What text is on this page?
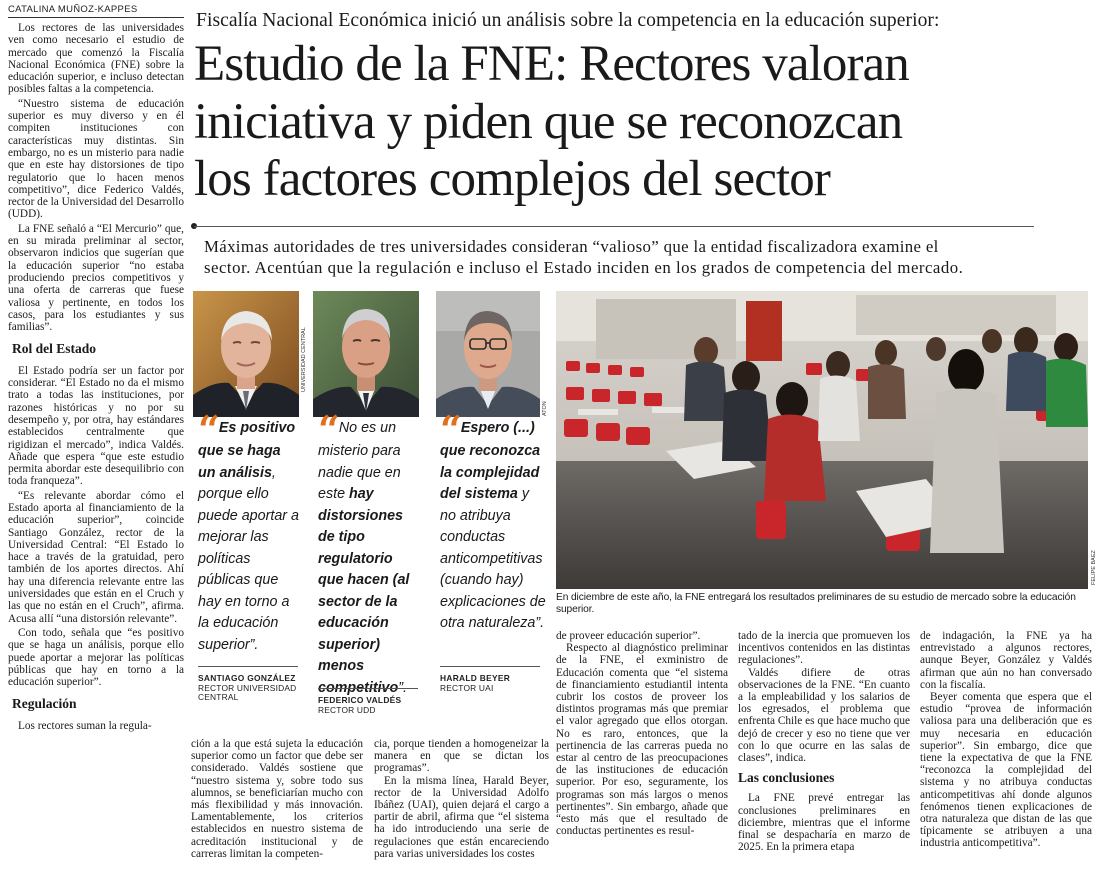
CATALINA MUÑOZ-KAPPES

Los rectores de las universidades ven como necesario el estudio de mercado que comenzó la Fiscalía Nacional Económica (FNE) sobre la educación superior, e incluso detectan posibles faltas a la competencia.

“Nuestro sistema de educación superior es muy diverso y en él compiten instituciones con características muy distintas. Sin embargo, no es un misterio para nadie que en este hay distorsiones de tipo regulatorio que lo hacen menos competitivo”, dice Federico Valdés, rector de la Universidad del Desarrollo (UDD).

La FNE señaló a “El Mercurio” que, en su mirada preliminar al sector, observaron indicios que sugerían que la educación superior “no estaba produciendo precios competitivos y una oferta de carreras que fuese valiosa y pertinente, en todos los casos, para los estudiantes y sus familias”.

Rol del Estado

El Estado podría ser un factor por considerar. “El Estado no da el mismo trato a todas las instituciones, por razones históricas y no por su desempeño y, por otra, hay estándares establecidos centralmente que rigidizan el mercado”, indica Valdés. Añade que espera “que este estudio permita abordar este desequilibrio con toda franqueza”.

“Es relevante abordar cómo el Estado aporta al financiamiento de la educación superior”, coincide Santiago González, rector de la Universidad Central: “El Estado lo hace a través de la gratuidad, pero también de los aportes directos. Ahí hay una diferencia relevante entre las universidades que están en el Cruch y las que no están en el Cruch”, afirma. Acusa allí “una distorsión relevante”.

Con todo, señala que “es positivo que se haga un análisis, porque ello puede aportar a mejorar las políticas públicas que hay en torno a la educación superior”.

Regulación

Los rectores suman la regula-

Fiscalía Nacional Económica inició un análisis sobre la competencia en la educación superior:
Estudio de la FNE: Rectores valoran
iniciativa y piden que se reconozcan
los factores complejos del sector
Máximas autoridades de tres universidades consideran “valioso” que la entidad fiscalizadora examine el
sector. Acentúan que la regulación e incluso el Estado inciden en los grados de competencia del mercado.
UNIVERSIDAD CENTRAL
ATON
“ Es positivo que se haga un análisis, porque ello puede aportar a mejorar las políticas públicas que hay en torno a la educación superior”.
SANTIAGO GONZÁLEZ
RECTOR UNIVERSIDAD
CENTRAL
“ No es un misterio para nadie que en este hay distorsiones de tipo regulatorio que hacen (al sector de la educación superior) menos competitivo”.
FEDERICO VALDÉS
RECTOR UDD
“ Espero (...) que reconozca la complejidad del sistema y no atribuya conductas anticompetitivas (cuando hay) explicaciones de otra naturaleza”.
HARALD BEYER
RECTOR UAI
FELIPE BAEZ
En diciembre de este año, la FNE entregará los resultados preliminares de su estudio de mercado sobre la educación superior.

ción a la que está sujeta la educación superior como un factor que debe ser considerado. Valdés sostiene que “nuestro sistema y, sobre todo sus alumnos, se beneficiarían mucho con más flexibilidad y más innovación. Lamentablemente, los criterios establecidos en nuestro sistema de acreditación institucional y de carreras limitan la competen-

cia, porque tienden a homogeneizar la manera en que se dictan los programas”.

En la misma línea, Harald Beyer, rector de la Universidad Adolfo Ibáñez (UAI), quien dejará el cargo a partir de abril, afirma que “el sistema ha ido introduciendo una serie de regulaciones que están encareciendo para varias universidades los costes

de proveer educación superior”.

Respecto al diagnóstico preliminar de la FNE, el exministro de Educación comenta que “el sistema de financiamiento estudiantil intenta cubrir los costos de proveer los distintos programas más que premiar el valor agregado que ellos otorgan. No es raro, entonces, que la pertinencia de las carreras pueda no estar al centro de las preocupaciones de las instituciones de educación superior. Por eso, seguramente, los programas son más largos o menos pertinentes”. Sin embargo, añade que “esto más que el resultado de conductas pertinentes es resul-

tado de la inercia que promueven los incentivos contenidos en las distintas regulaciones”.

Valdés difiere de otras observaciones de la FNE. “En cuanto a la empleabilidad y los salarios de los egresados, el problema que enfrenta Chile es que hace mucho que dejó de crecer y eso no tiene que ver con lo que ocurre en las salas de clases”, indica.

Las conclusiones

La FNE prevé entregar las conclusiones preliminares en diciembre, mientras que el informe final se despacharía en marzo de 2025. En la primera etapa

de indagación, la FNE ya ha entrevistado a algunos rectores, aunque Beyer, González y Valdés afirman que aún no han conversado con la fiscalía.

Beyer comenta que espera que el estudio “provea de información valiosa para una deliberación que es muy necesaria en educación superior”. Sin embargo, dice que tiene la expectativa de que la FNE “reconozca la complejidad del sistema y no atribuya conductas anticompetitivas ahí donde algunos fenómenos tienen explicaciones de otra naturaleza que distan de las que típicamente se atribuyen a una industria anticompetitiva”.
